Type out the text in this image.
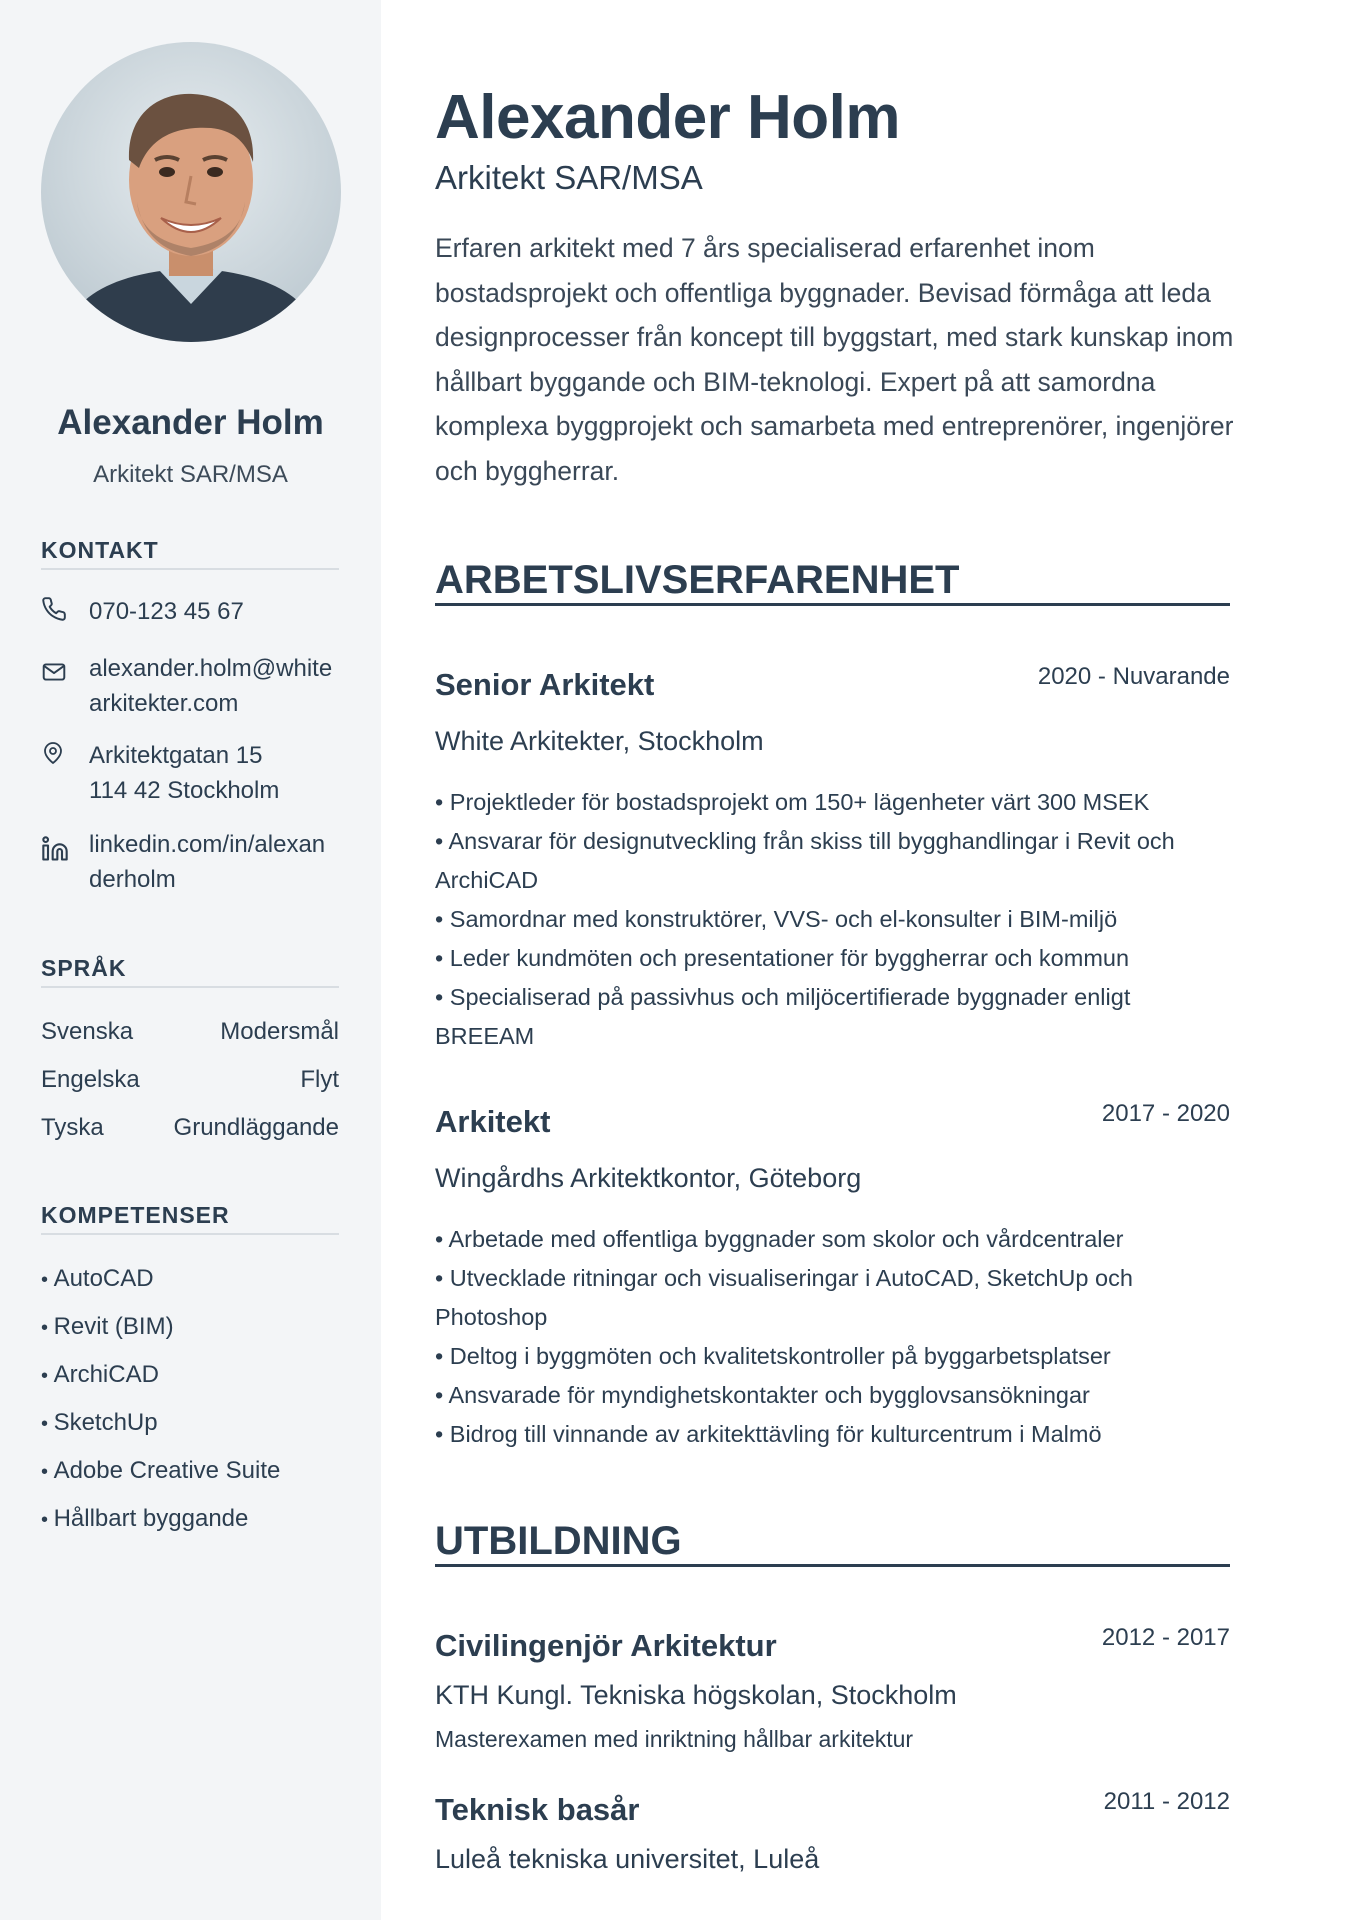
Alexander Holm
Arkitekt SAR/MSA
KONTAKT
070-123 45 67
alexander.holm@white
arkitekter.com
Arkitektgatan 15
114 42 Stockholm
linkedin.com/in/alexan
derholm
SPRÅK
Svenska	Modersmål
Engelska	Flyt
Tyska	Grundläggande
KOMPETENSER
• AutoCAD
• Revit (BIM)
• ArchiCAD
• SketchUp
• Adobe Creative Suite
• Hållbart byggande
Alexander Holm
Arkitekt SAR/MSA

Erfaren arkitekt med 7 års specialiserad erfarenhet inom bostadsprojekt och offentliga byggnader. Bevisad förmåga att leda designprocesser från koncept till byggstart, med stark kunskap inom hållbart byggande och BIM-teknologi. Expert på att samordna komplexa byggprojekt och samarbeta med entreprenörer, ingenjörer och byggherrar.

ARBETSLIVSERFARENHET
Senior Arkitekt	2020 - Nuvarande
White Arkitekter, Stockholm
• Projektleder för bostadsprojekt om 150+ lägenheter värt 300 MSEK
• Ansvarar för designutveckling från skiss till bygghandlingar i Revit och ArchiCAD
• Samordnar med konstruktörer, VVS- och el-konsulter i BIM-miljö
• Leder kundmöten och presentationer för byggherrar och kommun
• Specialiserad på passivhus och miljöcertifierade byggnader enligt BREEAM
Arkitekt	2017 - 2020
Wingårdhs Arkitektkontor, Göteborg
• Arbetade med offentliga byggnader som skolor och vårdcentraler
• Utvecklade ritningar och visualiseringar i AutoCAD, SketchUp och Photoshop
• Deltog i byggmöten och kvalitetskontroller på byggarbetsplatser
• Ansvarade för myndighetskontakter och bygglovsansökningar
• Bidrog till vinnande av arkitekttävling för kulturcentrum i Malmö
UTBILDNING
Civilingenjör Arkitektur	2012 - 2017
KTH Kungl. Tekniska högskolan, Stockholm
Masterexamen med inriktning hållbar arkitektur
Teknisk basår	2011 - 2012
Luleå tekniska universitet, Luleå
